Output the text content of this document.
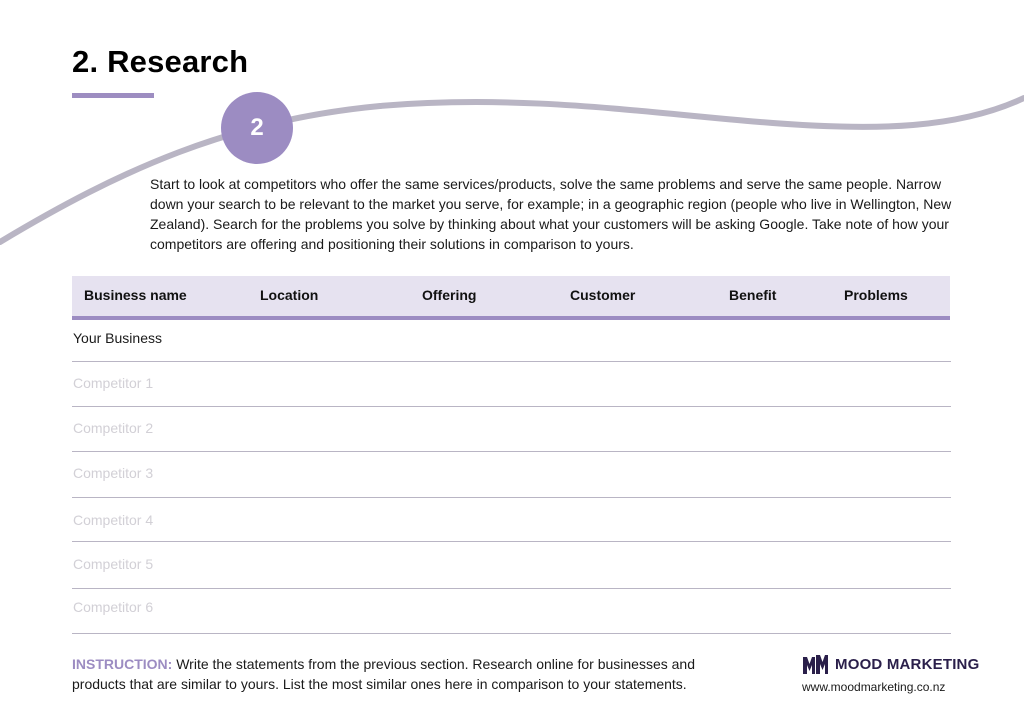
2. Research
2

Start to look at competitors who offer the same services/products, solve the same problems and serve the same people. Narrow down your search to be relevant to the market you serve, for example; in a geographic region (people who live in Wellington, New Zealand). Search for the problems you solve by thinking about what your customers will be asking Google. Take note of how your competitors are offering and positioning their solutions in comparison to yours.

Business name	Location	Offering	Customer	Benefit	Problems
Your Business
Competitor 1
Competitor 2
Competitor 3
Competitor 4
Competitor 5
Competitor 6

INSTRUCTION: Write the statements from the previous section. Research online for businesses and products that are similar to yours. List the most similar ones here in comparison to your statements.

MOOD MARKETING
www.moodmarketing.co.nz
